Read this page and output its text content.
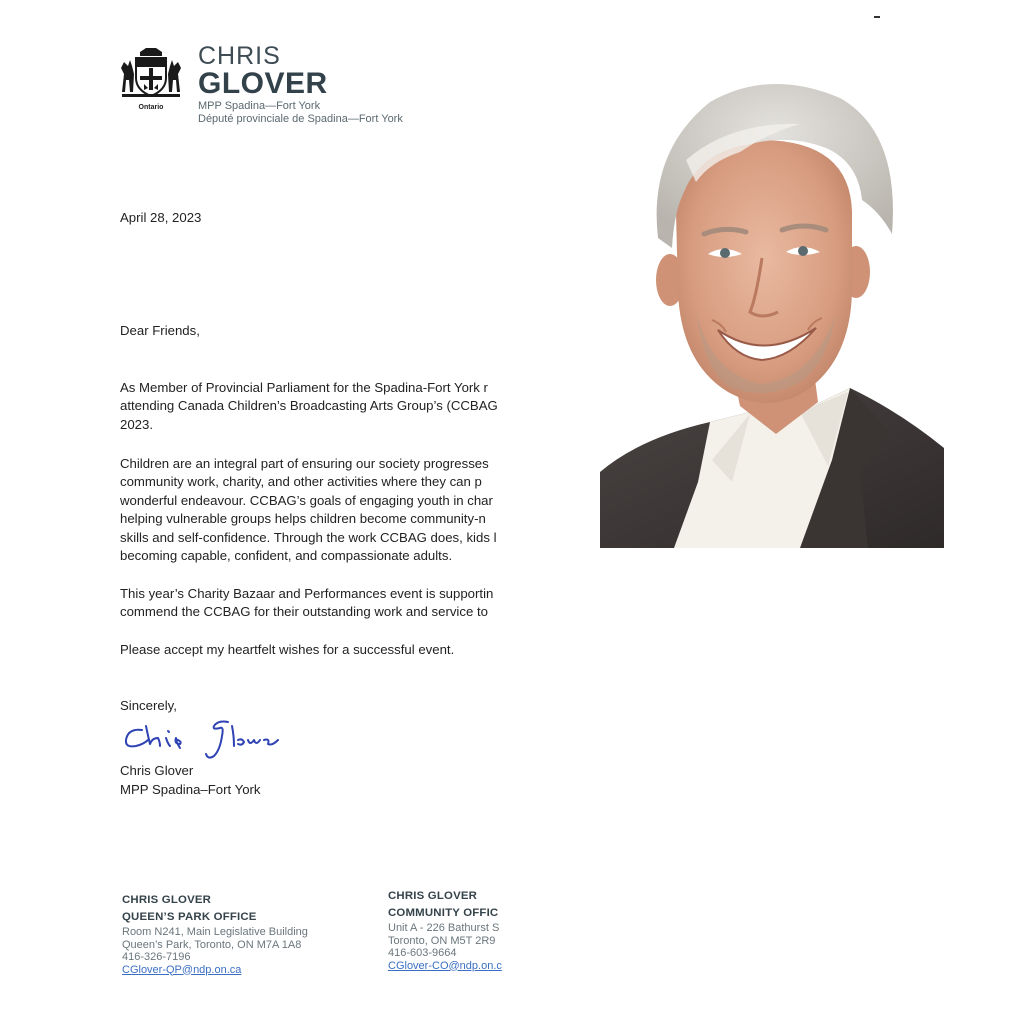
Ontario
CHRIS
GLOVER
MPP Spadina—Fort York
Député provinciale de Spadina—Fort York
April 28, 2023
Dear Friends,
As Member of Provincial Parliament for the Spadina-Fort York r
attending Canada Children’s Broadcasting Arts Group’s (CCBAG
2023.
Children are an integral part of ensuring our society progresses
community work, charity, and other activities where they can p
wonderful endeavour. CCBAG’s goals of engaging youth in char
helping vulnerable groups helps children become community-n
skills and self-confidence. Through the work CCBAG does, kids l
becoming capable, confident, and compassionate adults.
This year’s Charity Bazaar and Performances event is supportin
commend the CCBAG for their outstanding work and service to
Please accept my heartfelt wishes for a successful event.
Sincerely,
Chris Glover
MPP Spadina–Fort York
CHRIS GLOVER
QUEEN’S PARK OFFICE
Room N241, Main Legislative Building
Queen’s Park, Toronto, ON M7A 1A8
416-326-7196
CGlover-QP@ndp.on.ca
CHRIS GLOVER
COMMUNITY OFFIC
Unit A - 226 Bathurst S
Toronto, ON M5T 2R9
416-603-9664
CGlover-CO@ndp.on.c
